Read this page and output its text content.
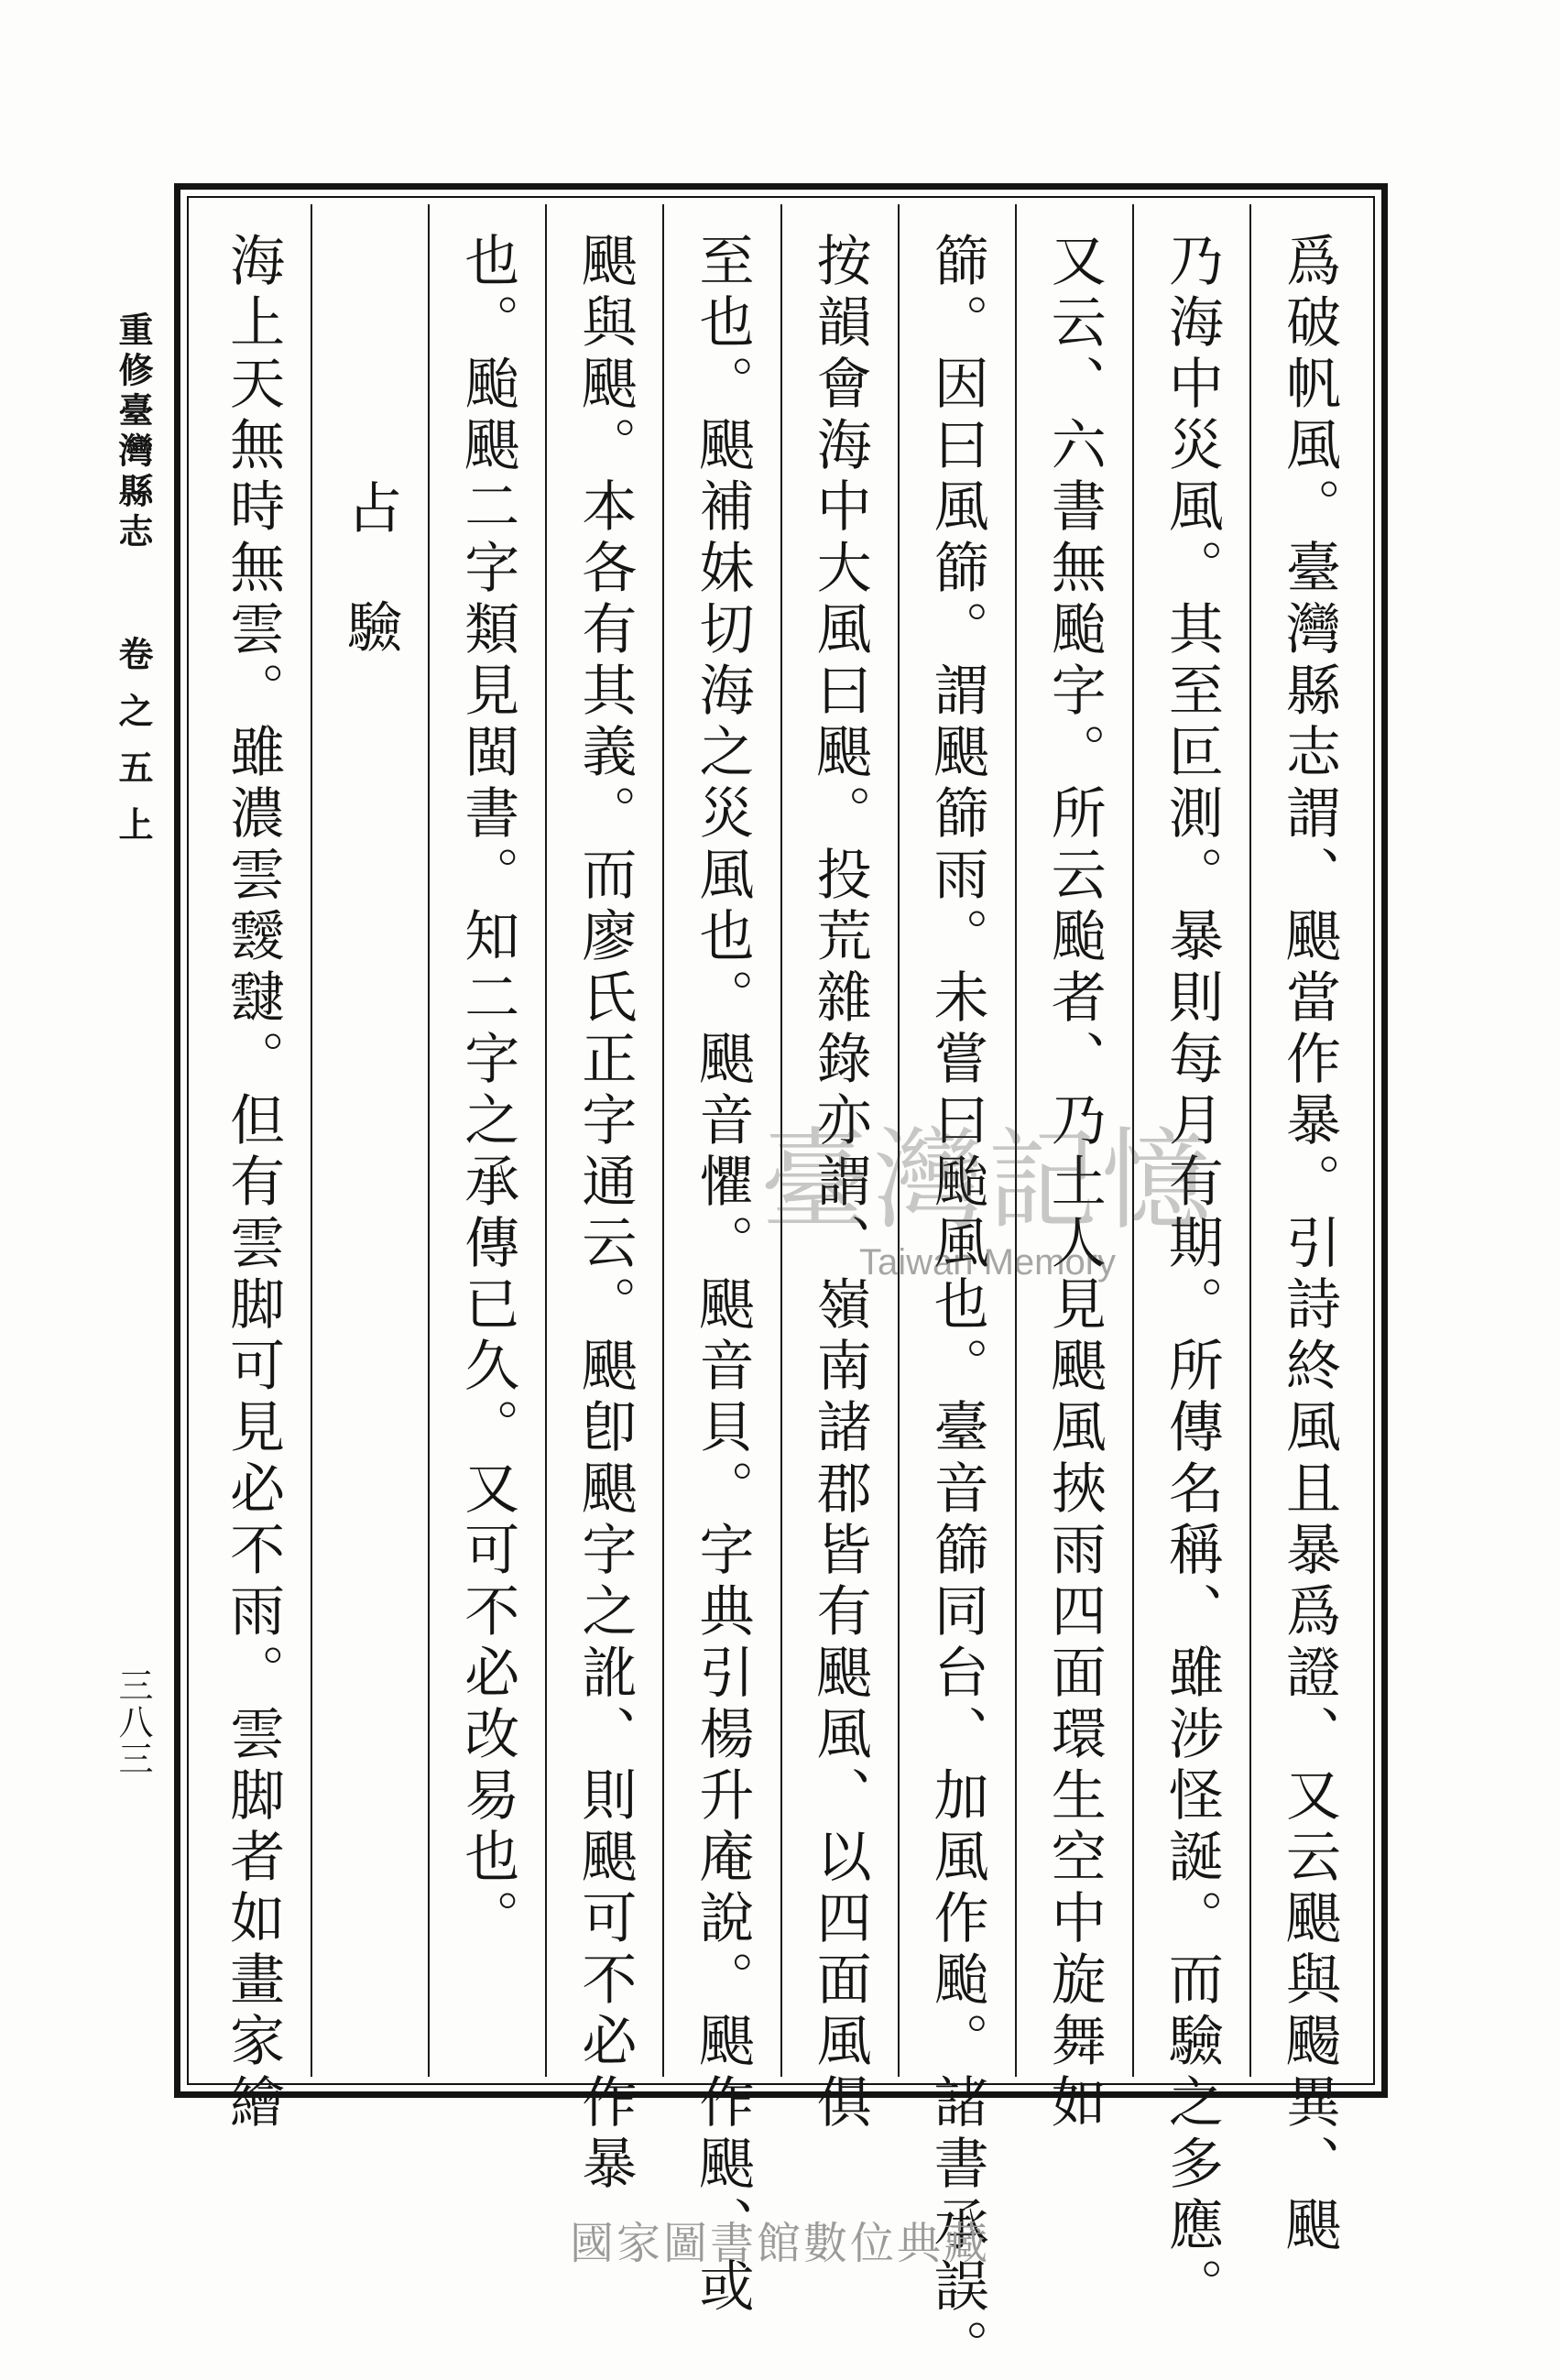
爲破帆風。臺灣縣志謂、颶當作暴。引詩終風且暴爲證、又云颶與颺異、颶
乃海中災風。其至叵測。暴則每月有期。所傳名稱、雖涉怪誕。而驗之多應。
又云、六書無颱字。所云颱者、乃土人見颶風挾雨四面環生空中旋舞如
篩。因曰風篩。謂颶篩雨。未嘗曰颱風也。臺音篩同台、加風作颱。諸書承誤。
按韻會海中大風曰颶。投荒雜錄亦謂、嶺南諸郡皆有颶風、以四面風俱
至也。颶補妹切海之災風也。颶音懼。颶音貝。字典引楊升庵說。颶作颶、或
颶與颶。本各有其義。而廖氏正字通云。颶卽颶字之訛、則颶可不必作暴
也。颱颶二字類見閩書。知二字之承傳已久。又可不必改易也。
占驗
海上天無時無雲。雖濃雲靉靆。但有雲脚可見必不雨。雲脚者如畫家繪
重修臺灣縣志卷之五上
三八三
臺灣記憶
Taiwan Memory
國家圖書館數位典藏
